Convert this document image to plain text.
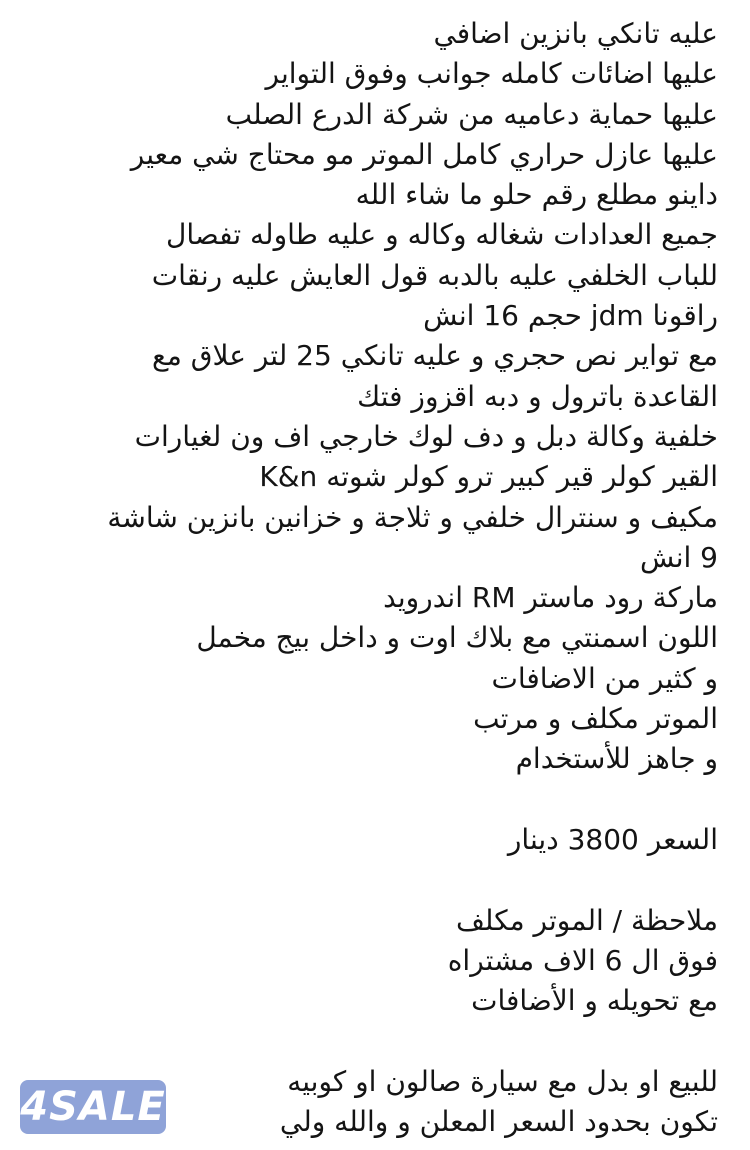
عليه تانكي بانزين اضافي
عليها اضائات كامله جوانب وفوق التواير
عليها حماية دعاميه من شركة الدرع الصلب
عليها عازل حراري كامل الموتر مو محتاج شي معير
داينو مطلع رقم حلو ما شاء الله
جميع العدادات شغاله وكاله و عليه طاوله تفصال
للباب الخلفي عليه بالدبه قول العايش عليه رنقات
راقونا jdm حجم 16 انش
مع تواير نص حجري و عليه تانكي 25 لتر علاق مع
القاعدة باترول و دبه اقزوز فتك
خلفية وكالة دبل و دف لوك خارجي اف ون لغيارات
القير كولر قير كبير ترو كولر شوته K&n
مكيف و سنترال خلفي و ثلاجة و خزانين بانزين شاشة
9 انش
ماركة رود ماستر RM اندرويد
اللون اسمنتي مع بلاك اوت و داخل بيج مخمل
و كثير من الاضافات
الموتر مكلف و مرتب
و جاهز للأستخدام
السعر 3800 دينار
ملاحظة / الموتر مكلف
فوق ال 6 الاف مشتراه
مع تحويله و الأضافات
للبيع او بدل مع سيارة صالون او كوبيه
تكون بحدود السعر المعلن و والله ولي
4SALE
